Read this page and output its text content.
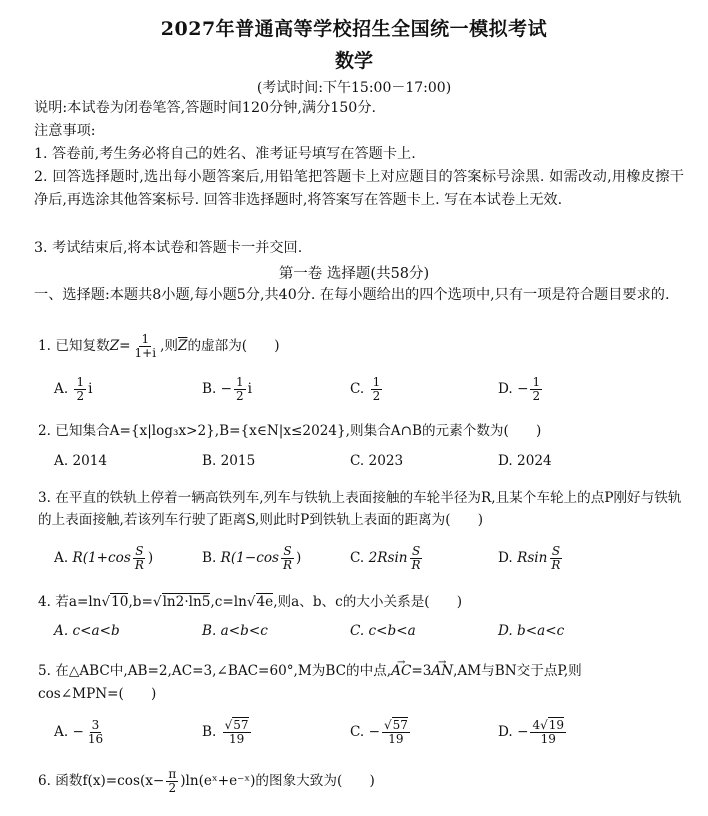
2027年普通高等学校招生全国统一模拟考试
数学
(考试时间:下午15:00－17:00)
说明:本试卷为闭卷笔答,答题时间120分钟,满分150分.
注意事项:
1. 答卷前,考生务必将自己的姓名、准考证号填写在答题卡上.
2. 回答选择题时,选出每小题答案后,用铅笔把答题卡上对应题目的答案标号涂黑. 如需改动,用橡皮擦干净后,再选涂其他答案标号. 回答非选择题时,将答案写在答题卡上. 写在本试卷上无效.
3. 考试结束后,将本试卷和答题卡一并交回.
第一卷 选择题(共58分)
一、选择题:本题共8小题,每小题5分,共40分. 在每小题给出的四个选项中,只有一项是符合题目要求的.
1. 已知复数$Z= \frac{1}{1+i}$ ,则$\overline{Z}$的虚部为(　　)
A.
$\frac{1}{2}$ i	B.
− $\frac{1}{2}$ i	C.
$\frac{1}{2}$	D.
− $\frac{1}{2}$
2. 已知集合A={x|log₃x>2},B={x∈N|x≤2024},则集合A∩B的元素个数为(　　)
A. 2014	B. 2015	C. 2023	D. 2024
3. 在平直的铁轨上停着一辆高铁列车,列车与铁轨上表面接触的车轮半径为R,且某个车轮上的点P刚好与铁轨的上表面接触,若该列车行驶了距离S,则此时P到铁轨上表面的距离为(　　)
A.
$R(1+\cos \frac{S}{R}$ )	B.
$R(1-\cos \frac{S}{R}$ )	C.
$2Rsin \frac{S}{R}$	D.
Rsin $\frac{S}{R}$
4. 若a=ln√10,b=√ln2·ln5,c=ln√4e,则a、b、c的大小关系是(　　)
A. c<a<b	B. a<b<c	C. c<b<a	D. b<a<c
5. 在△ABC中,AB=2,AC=3,∠BAC=60°,M为BC的中点,AC →=3AN →,AM与BN交于点P,则
cos∠MPN=(　　)
A.
− $\frac{3}{16}$	B.
$\frac{√57}{19}$	C.
− $\frac{√57}{19}$	D.
− $\frac{4√19}{19}$
6. 函数$f(x)=\cos(x- \frac{\pi}{2}$ )ln(eˣ+e⁻ˣ)的图象大致为(　　)
